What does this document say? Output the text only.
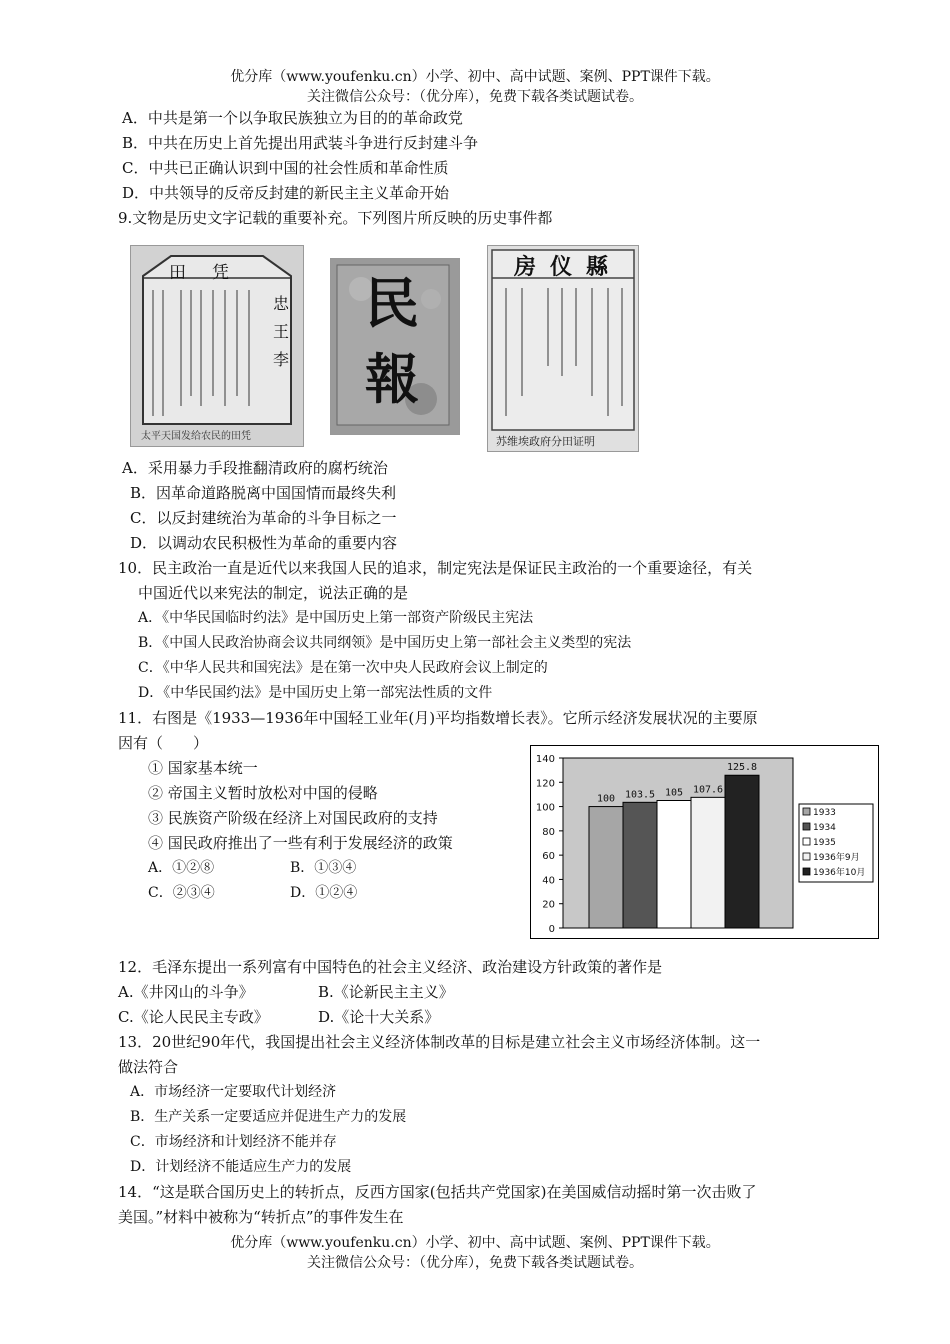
优分库（www.youfenku.cn）小学、初中、高中试题、案例、PPT课件下载。
关注微信公众号：（优分库），免费下载各类试题试卷。
A．中共是第一个以争取民族独立为目的的革命政党
B．中共在历史上首先提出用武装斗争进行反封建斗争
C．中共已正确认识到中国的社会性质和革命性质
D．中共领导的反帝反封建的新民主主义革命开始
9.文物是历史文字记载的重要补充。下列图片所反映的历史事件都
田凭
忠王李
太平天国发给农民的田凭
民報
房仪縣
苏维埃政府分田证明
A．采用暴力手段推翻清政府的腐朽统治
B．因革命道路脱离中国国情而最终失利
C．以反封建统治为革命的斗争目标之一
D．以调动农民积极性为革命的重要内容
10．民主政治一直是近代以来我国人民的追求，制定宪法是保证民主政治的一个重要途径，有关
中国近代以来宪法的制定，说法正确的是
A．《中华民国临时约法》是中国历史上第一部资产阶级民主宪法
B．《中国人民政治协商会议共同纲领》是中国历史上第一部社会主义类型的宪法
C．《中华人民共和国宪法》是在第一次中央人民政府会议上制定的
D．《中华民国约法》是中国历史上第一部宪法性质的文件
11．右图是《1933—1936年中国轻工业年(月)平均指数增长表》。它所示经济发展状况的主要原
因有（　　）
① 国家基本统一
② 帝国主义暂时放松对中国的侵略
③ 民族资产阶级在经济上对国民政府的支持
④ 国民政府推出了一些有利于发展经济的政策
A．①②⑧	B．①③④
C．②③④	D．①②④
0
20
40
60
80
100
120
140
100 103.5 105 107.6
125.8
1933
1934
1935
1936年9月
1936年10月
12．毛泽东提出一系列富有中国特色的社会主义经济、政治建设方针政策的著作是
A.《井冈山的斗争》	B.《论新民主主义》
C.《论人民民主专政》	D.《论十大关系》
13．20世纪90年代，我国提出社会主义经济体制改革的目标是建立社会主义市场经济体制。这一
做法符合
A．市场经济一定要取代计划经济
B．生产关系一定要适应并促进生产力的发展
C．市场经济和计划经济不能并存
D．计划经济不能适应生产力的发展
14．“这是联合国历史上的转折点，反西方国家(包括共产党国家)在美国威信动摇时第一次击败了
美国。”材料中被称为“转折点”的事件发生在
优分库（www.youfenku.cn）小学、初中、高中试题、案例、PPT课件下载。
关注微信公众号：（优分库），免费下载各类试题试卷。
